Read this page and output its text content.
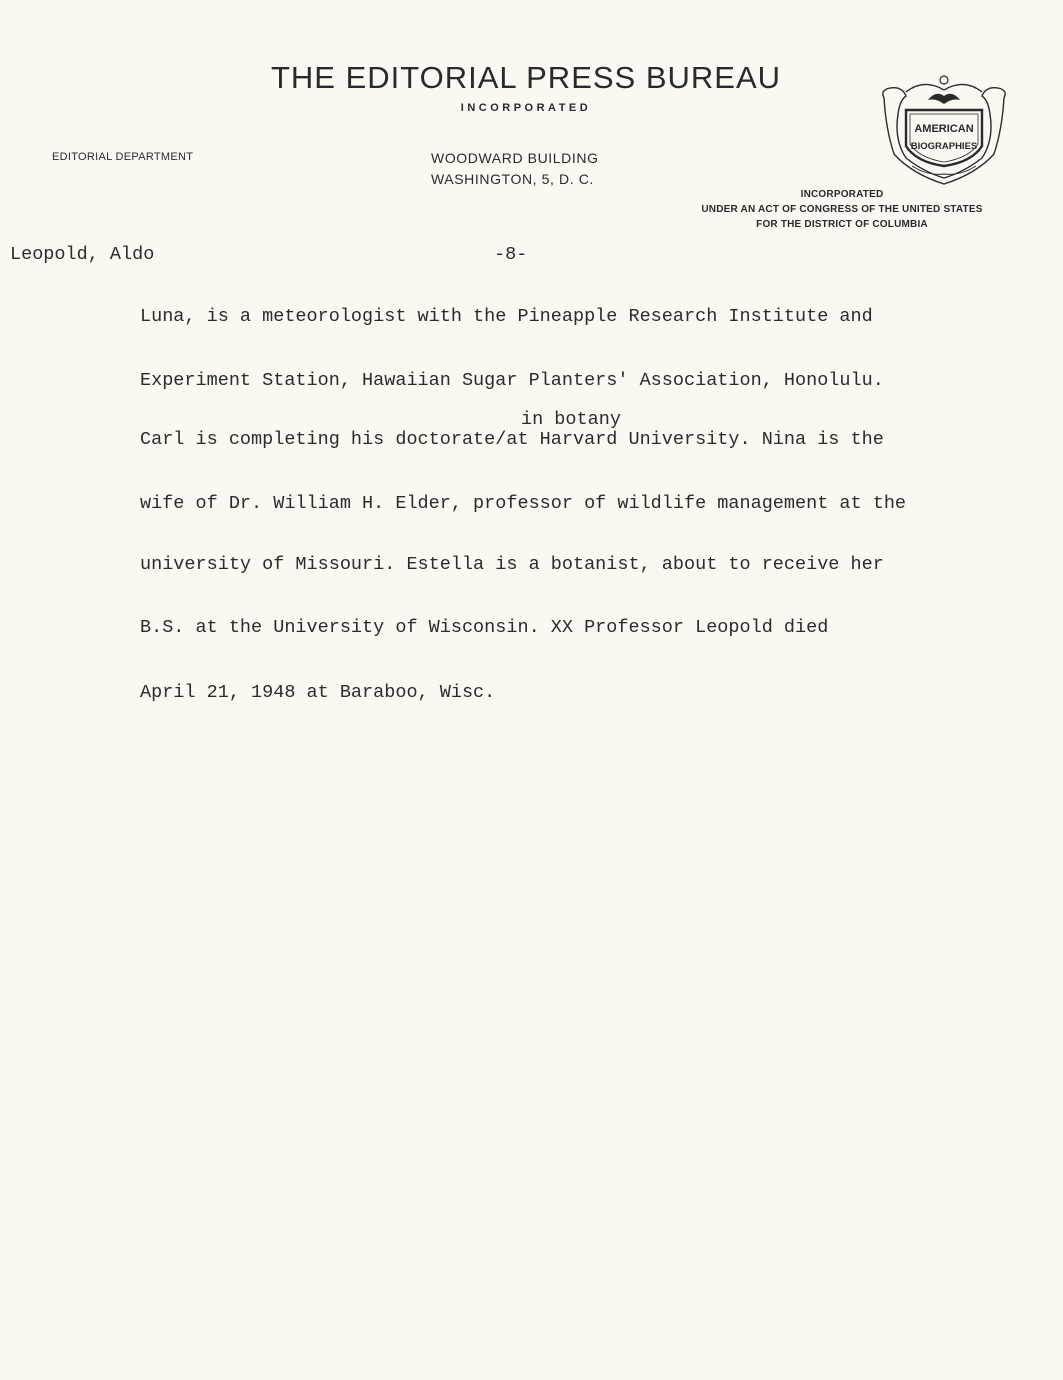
THE EDITORIAL PRESS BUREAU
INCORPORATED
EDITORIAL DEPARTMENT	WOODWARD BUILDING
WASHINGTON, 5, D. C.
AMERICAN
BIOGRAPHIES
INCORPORATED
UNDER AN ACT OF CONGRESS OF THE UNITED STATES
FOR THE DISTRICT OF COLUMBIA
Leopold, Aldo	-8-
in botany
Luna, is a meteorologist with the Pineapple Research Institute and
Experiment Station, Hawaiian Sugar Planters' Association, Honolulu.
Carl is completing his doctorate/at Harvard University. Nina is the
wife of Dr. William H. Elder, professor of wildlife management at the
university of Missouri. Estella is a botanist, about to receive her
B.S. at the University of Wisconsin. XX Professor Leopold died
April 21, 1948 at Baraboo, Wisc.
